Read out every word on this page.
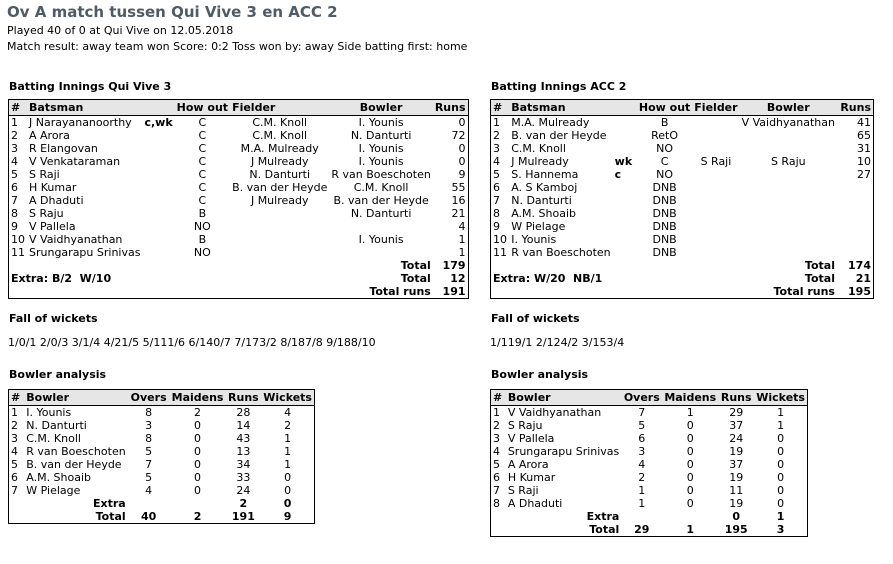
Ov A match tussen Qui Vive 3 en ACC 2
Played 40 of 0 at Qui Vive on 12.05.2018
Match result: away team won Score: 0:2 Toss won by: away Side batting first: home
Batting Innings Qui Vive 3
#	Batsman		How out	Fielder	Bowler	Runs
1	J Narayananoorthy	c,wk	C	C.M. Knoll	I. Younis	0
2	A Arora		C	C.M. Knoll	N. Danturti	72
3	R Elangovan		C	M.A. Mulready	I. Younis	0
4	V Venkataraman		C	J Mulready	I. Younis	0
5	S Raji		C	N. Danturti	R van Boeschoten	9
6	H Kumar		C	B. van der Heyde	C.M. Knoll	55
7	A Dhaduti		C	J Mulready	B. van der Heyde	16
8	S Raju		B		N. Danturti	21
9	V Pallela		NO			4
10	V Vaidhyanathan		B		I. Younis	1
11	Srungarapu Srinivas		NO			1
					Total	179
Extra: B/2  W/10					Total	12
					Total runs	191
Fall of wickets
1/0/1 2/0/3 3/1/4 4/21/5 5/111/6 6/140/7 7/173/2 8/187/8 9/188/10
Bowler analysis
#	Bowler	Overs	Maidens	Runs	Wickets
1	I. Younis	8	2	28	4
2	N. Danturti	3	0	14	2
3	C.M. Knoll	8	0	43	1
4	R van Boeschoten	5	0	13	1
5	B. van der Heyde	7	0	34	1
6	A.M. Shoaib	5	0	33	0
7	W Pielage	4	0	24	0
Extra				2	0
Total		40	2	191	9
Batting Innings ACC 2
#	Batsman		How out	Fielder	Bowler	Runs
1	M.A. Mulready		B		V Vaidhyanathan	41
2	B. van der Heyde		RetO			65
3	C.M. Knoll		NO			31
4	J Mulready	wk	C	S Raji	S Raju	10
5	S. Hannema	c	NO			27
6	A. S Kamboj		DNB			
7	N. Danturti		DNB			
8	A.M. Shoaib		DNB			
9	W Pielage		DNB			
10	I. Younis		DNB			
11	R van Boeschoten		DNB			
					Total	174
Extra: W/20  NB/1					Total	21
					Total runs	195
Fall of wickets
1/119/1 2/124/2 3/153/4
Bowler analysis
#	Bowler	Overs	Maidens	Runs	Wickets
1	V Vaidhyanathan	7	1	29	1
2	S Raju	5	0	37	1
3	V Pallela	6	0	24	0
4	Srungarapu Srinivas	3	0	19	0
5	A Arora	4	0	37	0
6	H Kumar	2	0	19	0
7	S Raji	1	0	11	0
8	A Dhaduti	1	0	19	0
Extra				0	1
Total		29	1	195	3
